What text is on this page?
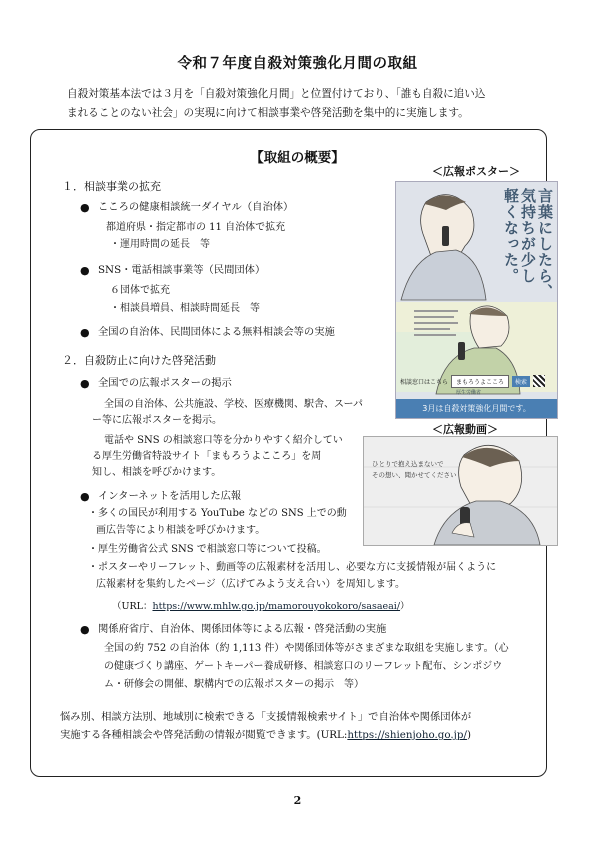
令和７年度自殺対策強化月間の取組
自殺対策基本法では３月を「自殺対策強化月間」と位置付けており、「誰も自殺に追い込
まれることのない社会」の実現に向けて相談事業や啓発活動を集中的に実施します。
【取組の概要】
１．相談事業の拡充
● こころの健康相談統一ダイヤル（自治体）
都道府県・指定都市の 11 自治体で拡充
・運用時間の延長　等
● SNS・電話相談事業等（民間団体）
６団体で拡充
・相談員増員、相談時間延長　等
● 全国の自治体、民間団体による無料相談会等の実施
２．自殺防止に向けた啓発活動
● 全国での広報ポスターの掲示
全国の自治体、公共施設、学校、医療機関、駅舎、スーパ
ー等に広報ポスターを掲示。
電話や SNS の相談窓口等を分かりやすく紹介してい
る厚生労働省特設サイト「まもろうよこころ」を周
知し、相談を呼びかけます。
● インターネットを活用した広報
・多くの国民が利用する YouTube などの SNS 上での動
画広告等により相談を呼びかけます。
・厚生労働省公式 SNS で相談窓口等について投稿。
・ポスターやリーフレット、動画等の広報素材を活用し、必要な方に支援情報が届くように
広報素材を集約したページ（広げてみよう支え合い）を周知します。
（URL：https://www.mhlw.go.jp/mamorouyokokoro/sasaeai/）
● 関係府省庁、自治体、関係団体等による広報・啓発活動の実施
全国の約 752 の自治体（約 1,113 件）や関係団体等がさまざまな取組を実施します。（心
の健康づくり講座、ゲートキーパー養成研修、相談窓口のリーフレット配布、シンポジウ
ム・研修会の開催、駅構内での広報ポスターの掲示　等）
悩み別、相談方法別、地域別に検索できる「支援情報検索サイト」で自治体や関係団体が
実施する各種相談会や啓発活動の情報が閲覧できます。(URL:https://shienjoho.go.jp/)
＜広報ポスター＞
言葉にしたら、
気持ちが少し
軽くなった。
相談窓口はこちら	まもろうよこころ	検索
厚生労働省
3月は自殺対策強化月間です。
＜広報動画＞
ひとりで抱え込まないで
その想い、聞かせてください
2
